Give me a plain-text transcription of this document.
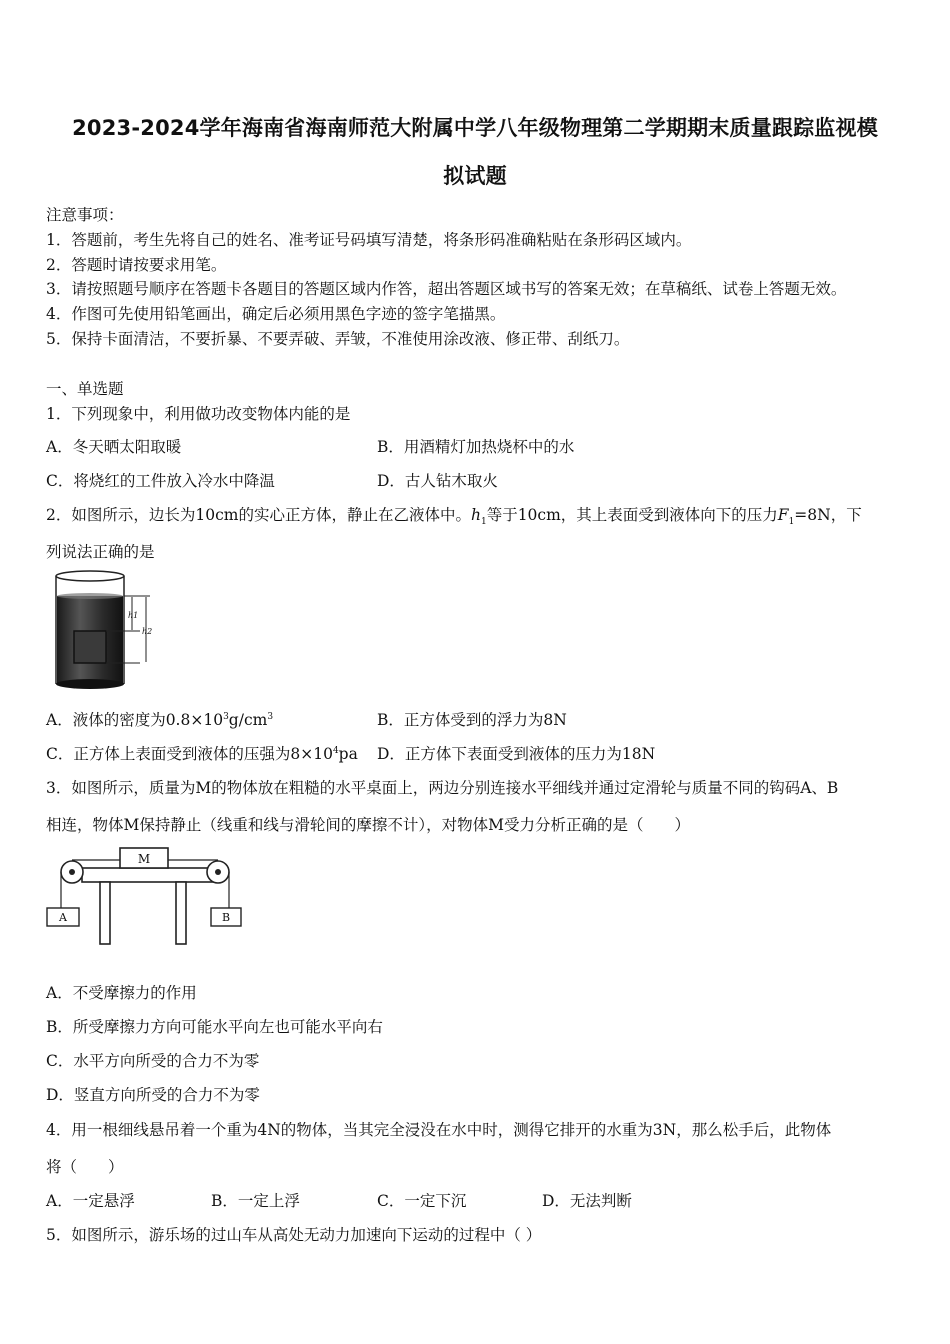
2023-2024学年海南省海南师范大附属中学八年级物理第二学期期末质量跟踪监视模
拟试题
注意事项：
1．答题前，考生先将自己的姓名、准考证号码填写清楚，将条形码准确粘贴在条形码区域内。
2．答题时请按要求用笔。
3．请按照题号顺序在答题卡各题目的答题区域内作答，超出答题区域书写的答案无效；在草稿纸、试卷上答题无效。
4．作图可先使用铅笔画出，确定后必须用黑色字迹的签字笔描黑。
5．保持卡面清洁，不要折暴、不要弄破、弄皱，不准使用涂改液、修正带、刮纸刀。
一、单选题
1．下列现象中，利用做功改变物体内能的是
A．冬天晒太阳取暖	B．用酒精灯加热烧杯中的水
C．将烧红的工件放入冷水中降温	D．古人钻木取火
2．如图所示，边长为10cm的实心正方体，静止在乙液体中。$h_1$等于10cm，其上表面受到液体向下的压力$F_1=8N$，下
列说法正确的是
h1
h2
A．液体的密度为$0.8\times 10^3g/cm^3$	B．正方体受到的浮力为8N
C．正方体上表面受到液体的压强为$8\times 10^4pa$ D．正方体下表面受到液体的压力为18N
3．如图所示，质量为M的物体放在粗糙的水平桌面上，两边分别连接水平细线并通过定滑轮与质量不同的钩码A、B
相连，物体M保持静止（线重和线与滑轮间的摩擦不计），对物体M受力分析正确的是（　　）
M
A	B
A．不受摩擦力的作用
B．所受摩擦力方向可能水平向左也可能水平向右
C．水平方向所受的合力不为零
D．竖直方向所受的合力不为零
4．用一根细线悬吊着一个重为4N的物体，当其完全浸没在水中时，测得它排开的水重为3N，那么松手后，此物体
将（　　）
A．一定悬浮	B．一定上浮	C．一定下沉	D．无法判断
5．如图所示，游乐场的过山车从高处无动力加速向下运动的过程中（ ）
